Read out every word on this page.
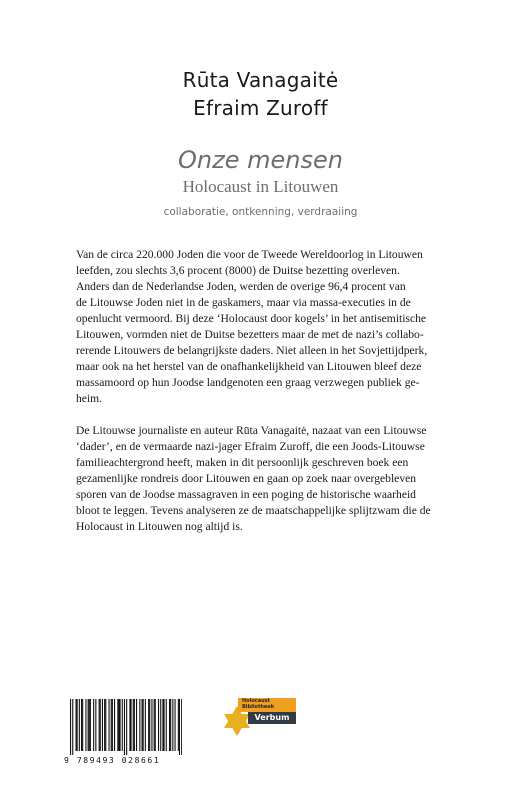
Rūta Vanagaitė
Efraim Zuroff
Onze mensen
Holocaust in Litouwen
collaboratie, ontkenning, verdraaiing

Van de circa 220.000 Joden die voor de Tweede Wereldoorlog in Litouwen
leefden, zou slechts 3,6 procent (8000) de Duitse bezetting overleven.
Anders dan de Nederlandse Joden, werden de overige 96,4 procent van
de Litouwse Joden niet in de gaskamers, maar via massa-executies in de
openlucht vermoord. Bij deze ‘Holocaust door kogels’ in het antisemitische
Litouwen, vormden niet de Duitse bezetters maar de met de nazi’s collabo-
rerende Litouwers de belangrijkste daders. Niet alleen in het Sovjettijdperk,
maar ook na het herstel van de onafhankelijkheid van Litouwen bleef deze
massamoord op hun Joodse landgenoten een graag verzwegen publiek ge-
heim.

De Litouwse journaliste en auteur Rūta Vanagaitė, nazaat van een Litouwse
‘dader’, en de vermaarde nazi-jager Efraim Zuroff, die een Joods-Litouwse
familieachtergrond heeft, maken in dit persoonlijk geschreven boek een
gezamenlijke rondreis door Litouwen en gaan op zoek naar overgebleven
sporen van de Joodse massagraven in een poging de historische waarheid
bloot te leggen. Tevens analyseren ze de maatschappelijke splijtzwam die de
Holocaust in Litouwen nog altijd is.

9 789493 028661
Holocaust
Bibliotheek
Verbum
